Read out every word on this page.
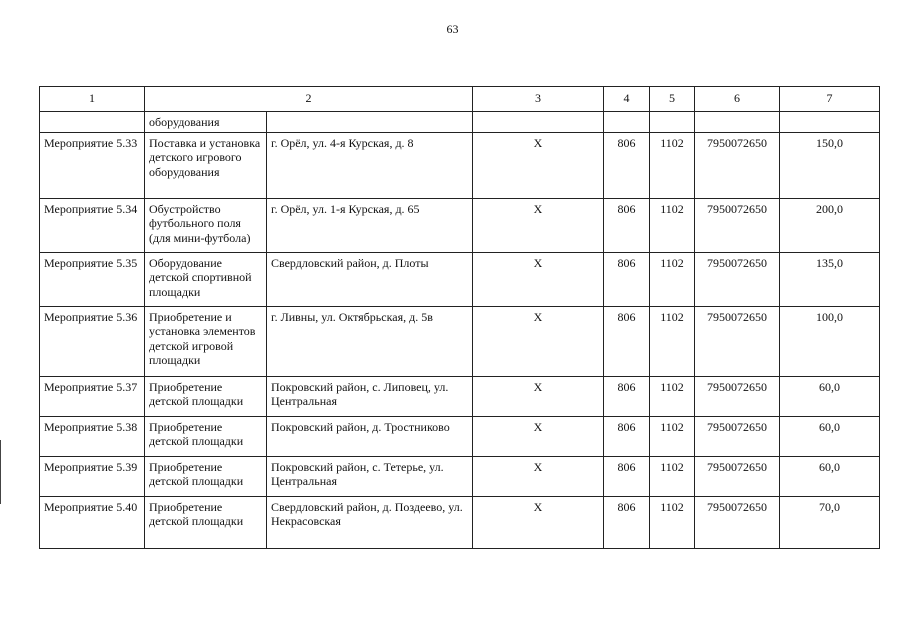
63
1	2		3	4	5	6	7
	оборудования						
Мероприятие 5.33	Поставка и установка детского игрового оборудования	г. Орёл, ул. 4-я Курская, д. 8	Х	806	1102	7950072650	150,0
Мероприятие 5.34	Обустройство футбольного поля (для мини-футбола)	г. Орёл, ул. 1-я Курская, д. 65	Х	806	1102	7950072650	200,0
Мероприятие 5.35	Оборудование детской спортивной площадки	Свердловский район, д. Плоты	Х	806	1102	7950072650	135,0
Мероприятие 5.36	Приобретение и установка элементов детской игровой площадки	г. Ливны, ул. Октябрьская, д. 5в	Х	806	1102	7950072650	100,0
Мероприятие 5.37	Приобретение детской площадки	Покровский район, с. Липовец, ул. Центральная	Х	806	1102	7950072650	60,0
Мероприятие 5.38	Приобретение детской площадки	Покровский район, д. Тростниково	Х	806	1102	7950072650	60,0
Мероприятие 5.39	Приобретение детской площадки	Покровский район, с. Тетерье, ул. Центральная	Х	806	1102	7950072650	60,0
Мероприятие 5.40	Приобретение детской площадки	Свердловский район, д. Поздеево, ул. Некрасовская	Х	806	1102	7950072650	70,0
